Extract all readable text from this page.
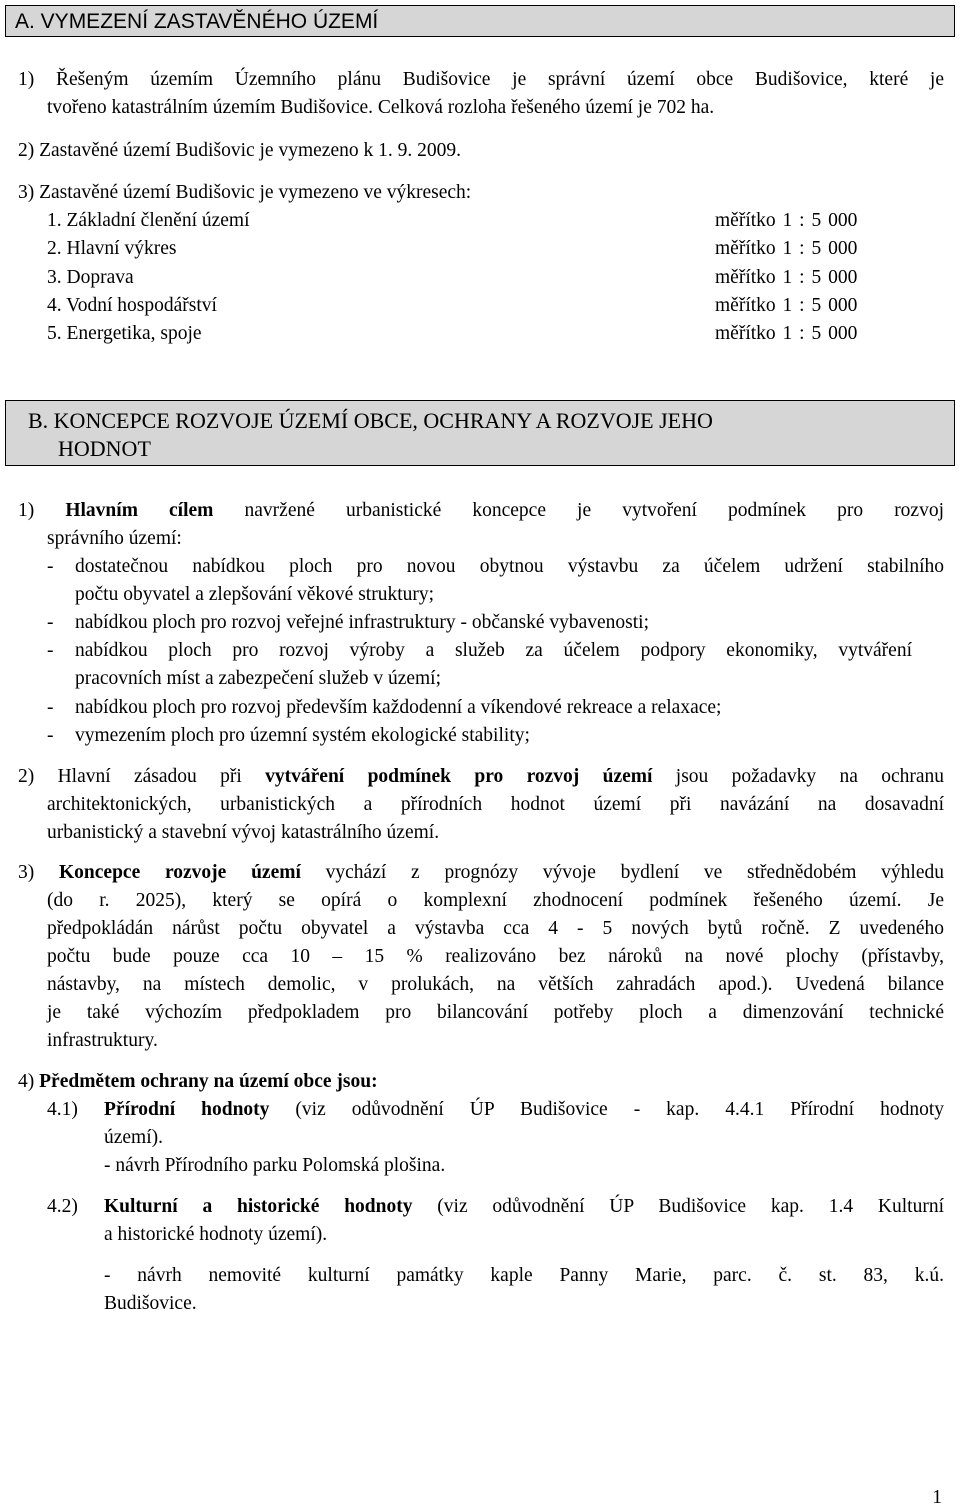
A. VYMEZENÍ ZASTAVĚNÉHO ÚZEMÍ
1) Řešeným územím Územního plánu Budišovice je správní území obce Budišovice, které je
tvořeno katastrálním územím Budišovice. Celková rozloha řešeného území je 702 ha.
2) Zastavěné území Budišovic je vymezeno k 1. 9. 2009.
3) Zastavěné území Budišovic je vymezeno ve výkresech:
1. Základní členění území	měřítko 1 : 5 000
2. Hlavní výkres	měřítko 1 : 5 000
3. Doprava	měřítko 1 : 5 000
4. Vodní hospodářství	měřítko 1 : 5 000
5. Energetika, spoje	měřítko 1 : 5 000
B. KONCEPCE ROZVOJE ÚZEMÍ OBCE, OCHRANY A ROZVOJE JEHO
HODNOT
1) Hlavním cílem navržené urbanistické koncepce je vytvoření podmínek pro rozvoj
správního území:
- dostatečnou nabídkou ploch pro novou obytnou výstavbu za účelem udržení stabilního
počtu obyvatel a zlepšování věkové struktury;
- nabídkou ploch pro rozvoj veřejné infrastruktury - občanské vybavenosti;
- nabídkou ploch pro rozvoj výroby a služeb za účelem podpory ekonomiky, vytváření
pracovních míst a zabezpečení služeb v území;
- nabídkou ploch pro rozvoj především každodenní a víkendové rekreace a relaxace;
- vymezením ploch pro územní systém ekologické stability;
2) Hlavní zásadou při vytváření podmínek pro rozvoj území jsou požadavky na ochranu
architektonických, urbanistických a přírodních hodnot území při navázání na dosavadní
urbanistický a stavební vývoj katastrálního území.
3) Koncepce rozvoje území vychází z prognózy vývoje bydlení ve střednědobém výhledu
(do r. 2025), který se opírá o komplexní zhodnocení podmínek řešeného území. Je
předpokládán nárůst počtu obyvatel a výstavba cca 4 - 5 nových bytů ročně. Z uvedeného
počtu bude pouze cca 10 – 15 % realizováno bez nároků na nové plochy (přístavby,
nástavby, na místech demolic, v prolukách, na větších zahradách apod.). Uvedená bilance
je také výchozím předpokladem pro bilancování potřeby ploch a dimenzování technické
infrastruktury.
4) Předmětem ochrany na území obce jsou:
4.1) Přírodní hodnoty (viz odůvodnění ÚP Budišovice - kap. 4.4.1 Přírodní hodnoty
území).
- návrh Přírodního parku Polomská plošina.
4.2) Kulturní a historické hodnoty (viz odůvodnění ÚP Budišovice kap. 1.4 Kulturní
a historické hodnoty území).
- návrh nemovité kulturní památky kaple Panny Marie, parc. č. st. 83, k.ú.
Budišovice.
1
